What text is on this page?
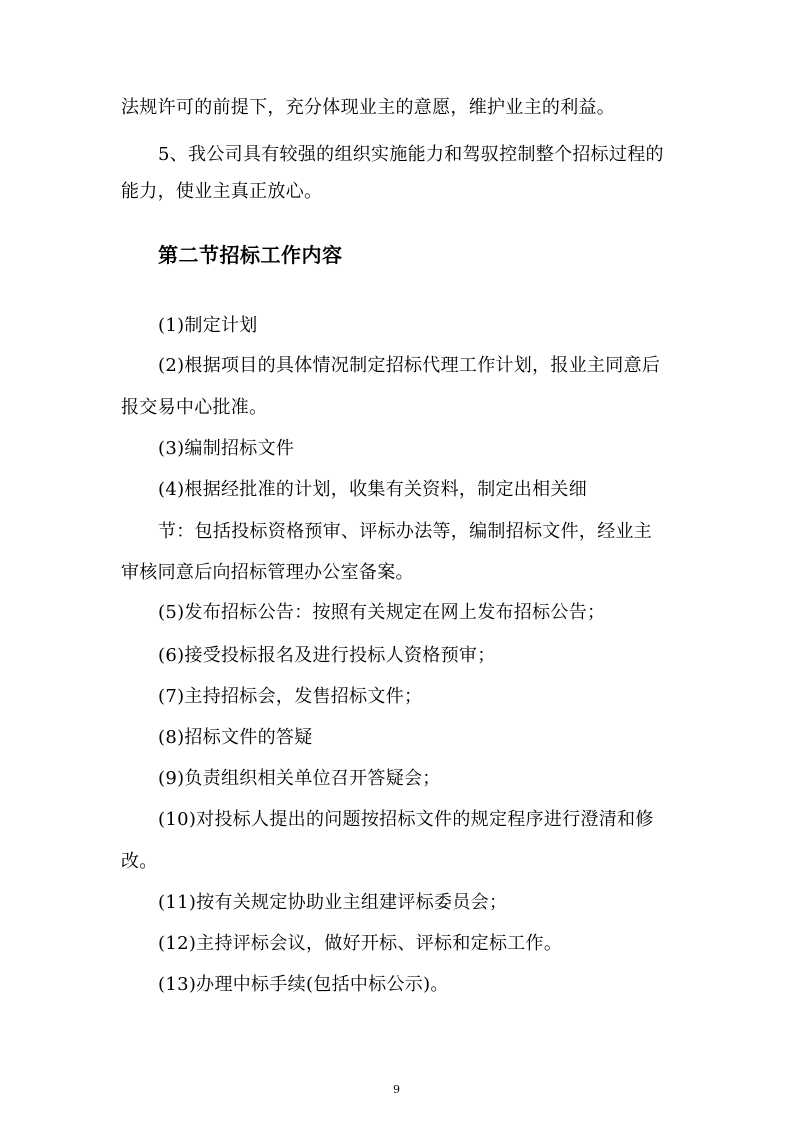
法规许可的前提下，充分体现业主的意愿，维护业主的利益。
5、我公司具有较强的组织实施能力和驾驭控制整个招标过程的
能力，使业主真正放心。
第二节招标工作内容
(1)制定计划
(2)根据项目的具体情况制定招标代理工作计划，报业主同意后
报交易中心批准。
(3)编制招标文件
(4)根据经批准的计划，收集有关资料，制定出相关细
节：包括投标资格预审、评标办法等，编制招标文件，经业主
审核同意后向招标管理办公室备案。
(5)发布招标公告：按照有关规定在网上发布招标公告；
(6)接受投标报名及进行投标人资格预审；
(7)主持招标会，发售招标文件；
(8)招标文件的答疑
(9)负责组织相关单位召开答疑会；
(10)对投标人提出的问题按招标文件的规定程序进行澄清和修
改。
(11)按有关规定协助业主组建评标委员会；
(12)主持评标会议，做好开标、评标和定标工作。
(13)办理中标手续(包括中标公示)。
9
